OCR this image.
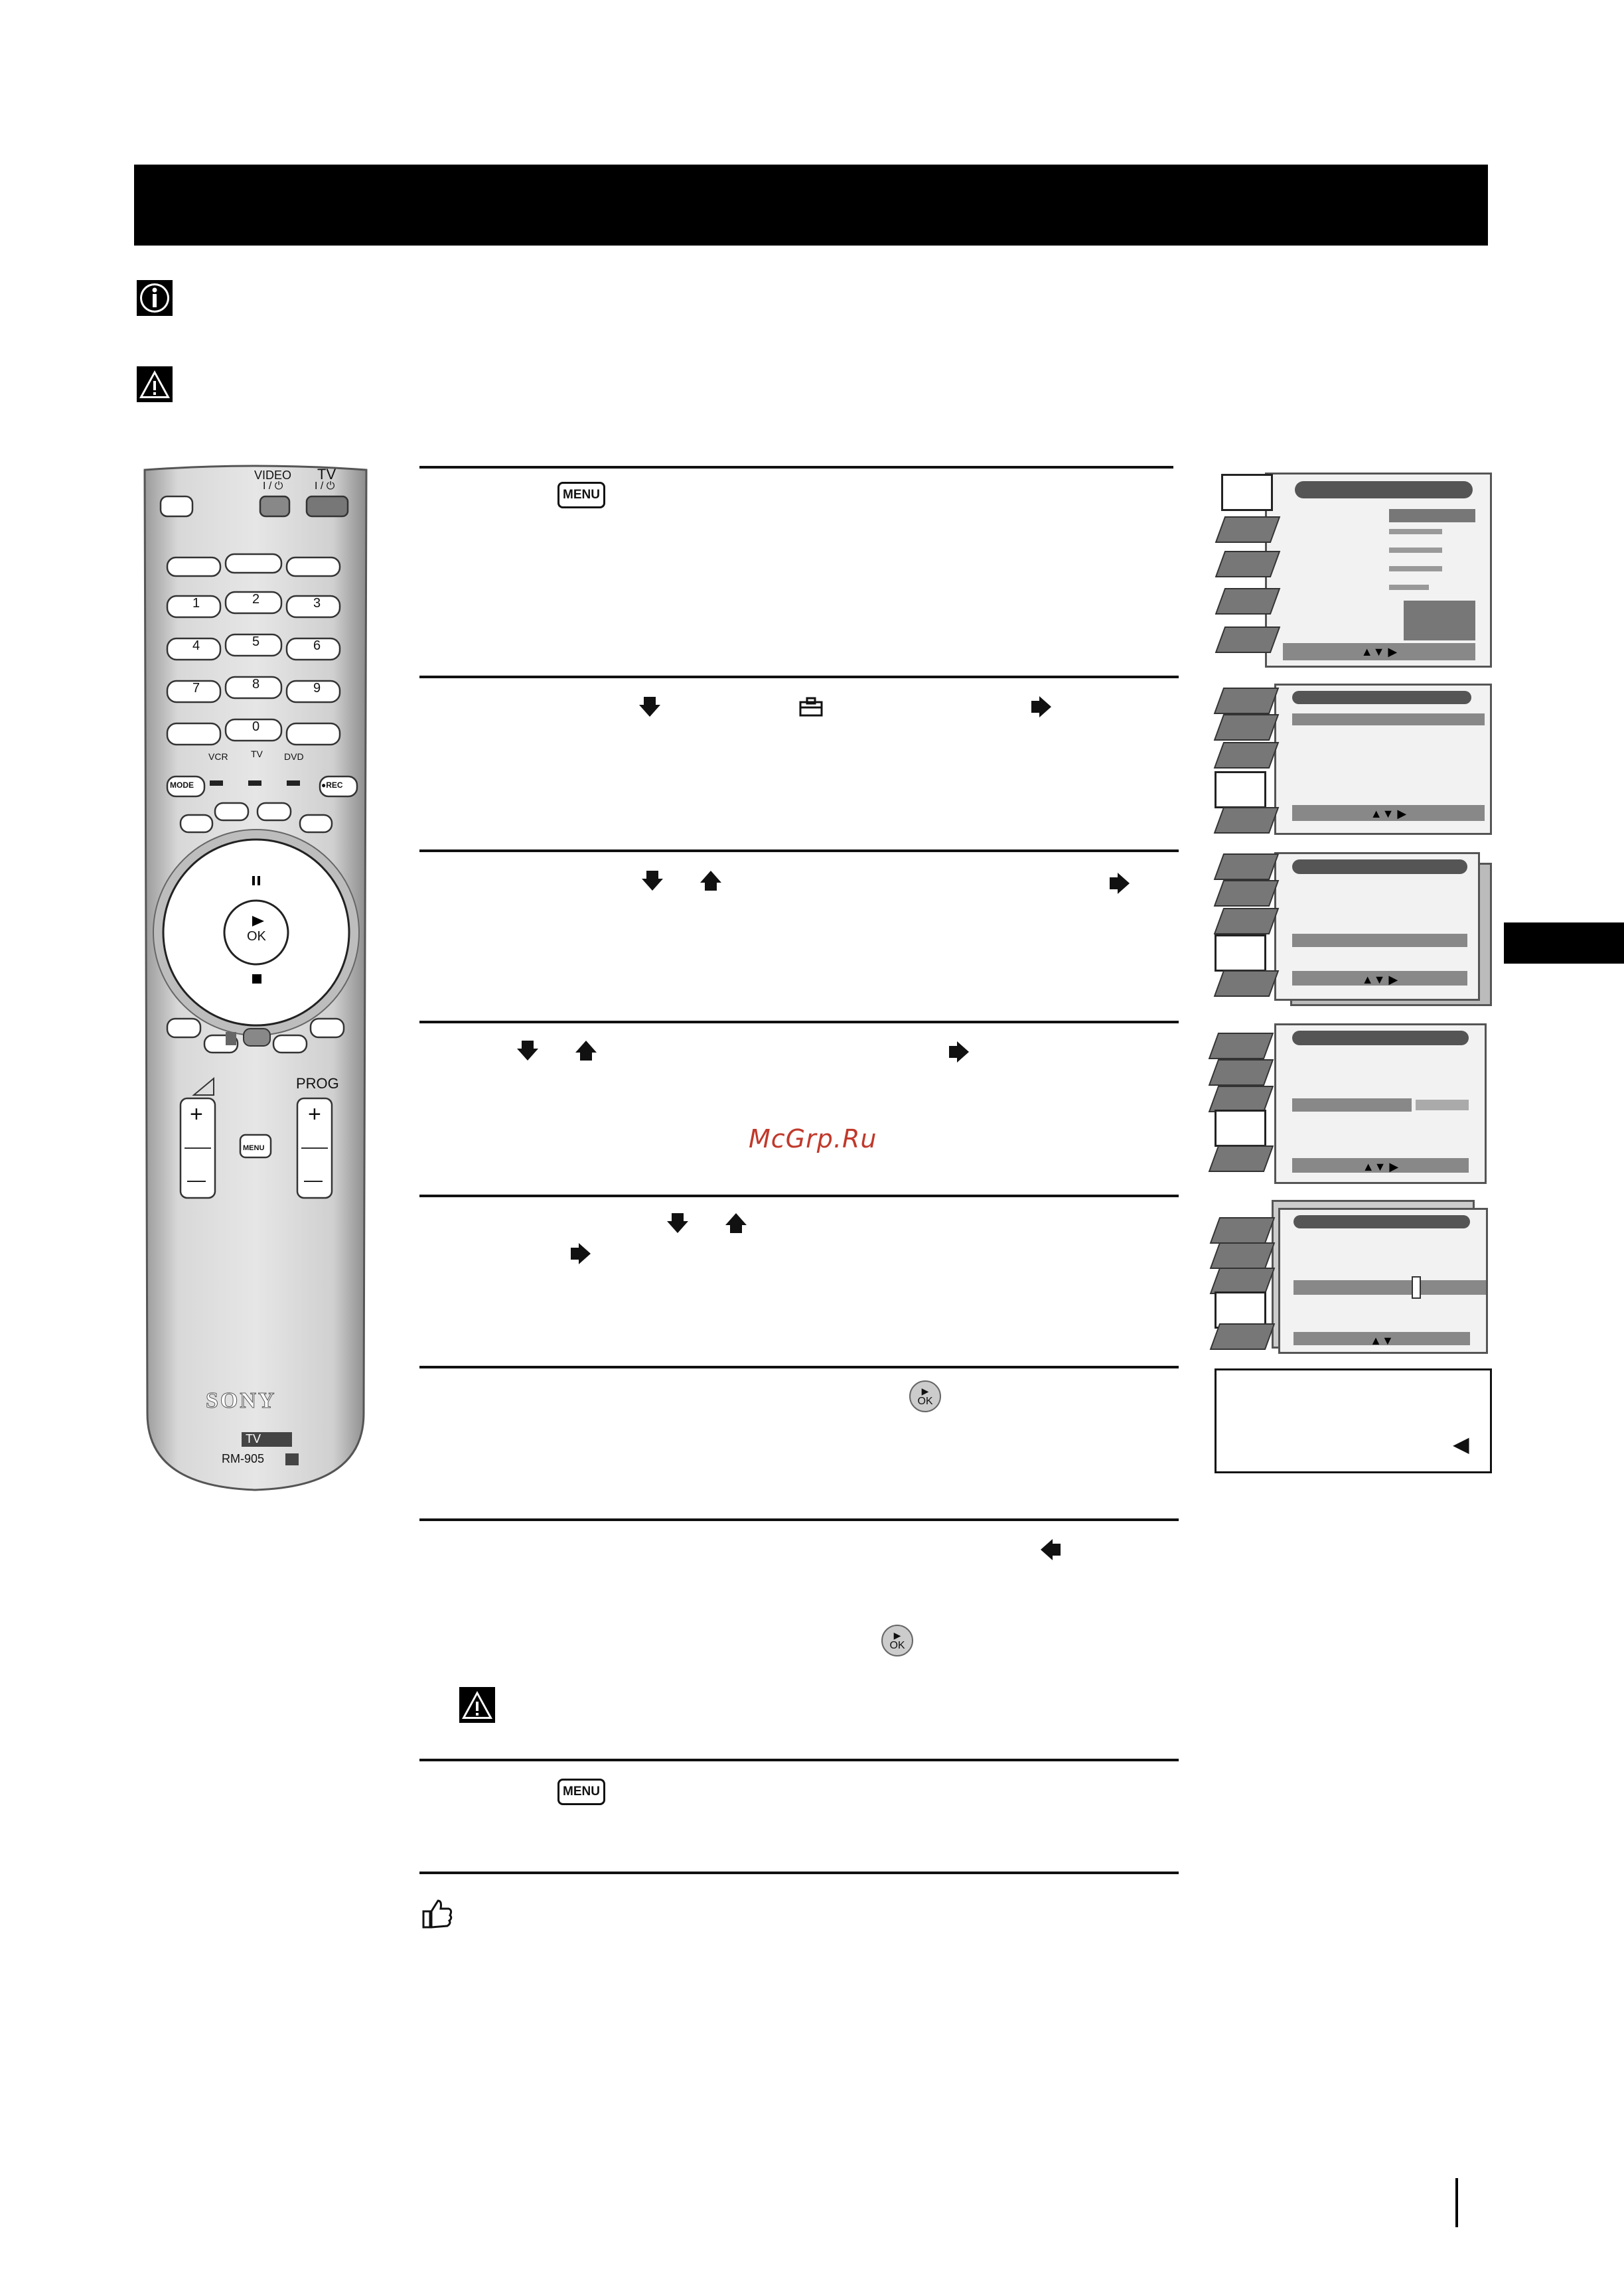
VIDEO
I / ⏻
TV
I / ⏻
1	2	3
4	5	6
7	8	9
0
VCR TV DVD
MODE	●REC
OK
PROG
+
—
+
—
MENU
SONY
TV
RM-905
MENU
McGrp.Ru
▶
OK
▶
OK
MENU
▲▼ ▶
▲▼ ▶
▲▼ ▶
▲▼ ▶
▲▼
◀
